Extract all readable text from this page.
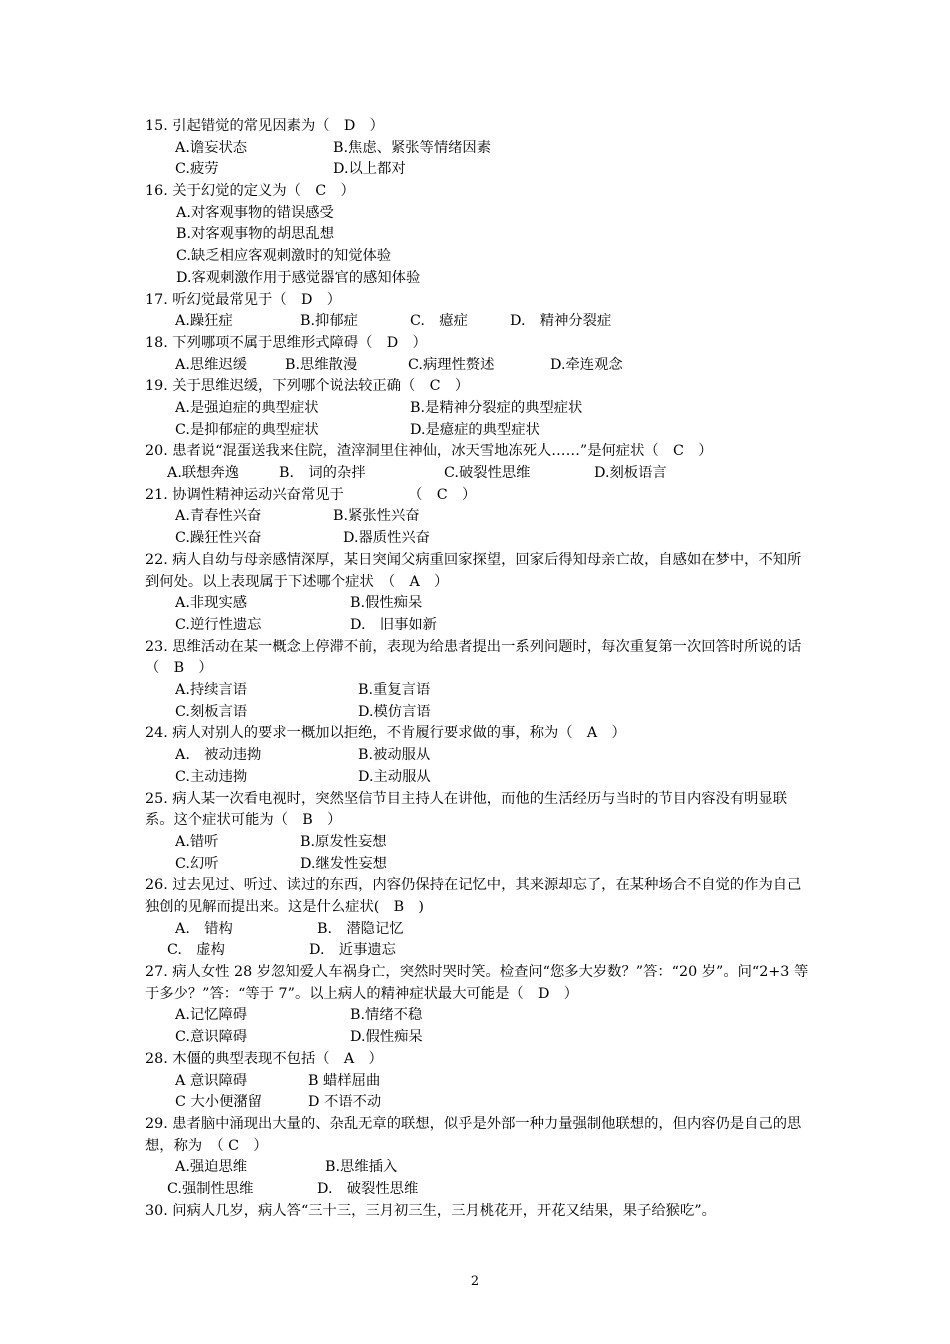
15. 引起错觉的常见因素为（　D　）
A.谵妄状态	B.焦虑、紧张等情绪因素
C.疲劳	D.以上都对
16. 关于幻觉的定义为（　C　）
A.对客观事物的错误感受
B.对客观事物的胡思乱想
C.缺乏相应客观刺激时的知觉体验
D.客观刺激作用于感觉器官的感知体验
17. 听幻觉最常见于（　D　）
A.躁狂症	B.抑郁症	C.　癔症	D.　精神分裂症
18. 下列哪项不属于思维形式障碍（　D　）
A.思维迟缓	B.思维散漫	C.病理性赘述	D.牵连观念
19. 关于思维迟缓，下列哪个说法较正确（　C　）
A.是强迫症的典型症状	B.是精神分裂症的典型症状
C.是抑郁症的典型症状	D.是癔症的典型症状
20. 患者说“混蛋送我来住院，渣滓洞里住神仙，冰天雪地冻死人……”是何症状（　C　）
A.联想奔逸	B.　词的杂拌	C.破裂性思维	D.刻板语言
21. 协调性精神运动兴奋常见于　　　　　（　C　）
A.青春性兴奋	B.紧张性兴奋
C.躁狂性兴奋	D.器质性兴奋
22. 病人自幼与母亲感情深厚，某日突闻父病重回家探望，回家后得知母亲亡故，自感如在梦中，不知所到何处。以上表现属于下述哪个症状　（　A　）
A.非现实感	B.假性痴呆
C.逆行性遗忘	D.　旧事如新
23. 思维活动在某一概念上停滞不前，表现为给患者提出一系列问题时，每次重复第一次回答时所说的话（　B　）
A.持续言语	B.重复言语
C.刻板言语	D.模仿言语
24. 病人对别人的要求一概加以拒绝，不肯履行要求做的事，称为（　A　）
A.　被动违拗	B.被动服从
C.主动违拗	D.主动服从
25. 病人某一次看电视时，突然坚信节目主持人在讲他，而他的生活经历与当时的节目内容没有明显联系。这个症状可能为（　B　）
A.错听	B.原发性妄想
C.幻听	D.继发性妄想
26. 过去见过、听过、读过的东西，内容仍保持在记忆中，其来源却忘了，在某种场合不自觉的作为自己独创的见解而提出来。这是什么症状(　B　)
A.　错构	B.　潜隐记忆
C.　虚构	D.　近事遗忘
27. 病人女性 28 岁忽知爱人车祸身亡，突然时哭时笑。检查问“您多大岁数？”答：“20 岁”。问“2+3 等于多少？”答：“等于 7”。以上病人的精神症状最大可能是（　D　）
A.记忆障碍	B.情绪不稳
C.意识障碍	D.假性痴呆
28. 木僵的典型表现不包括（　A　）
A 意识障碍	B 蜡样屈曲
C 大小便潴留	D 不语不动
29. 患者脑中涌现出大量的、杂乱无章的联想，似乎是外部一种力量强制他联想的，但内容仍是自己的思想，称为　（ C　）
A.强迫思维	B.思维插入
C.强制性思维	D.　破裂性思维
30. 问病人几岁，病人答“三十三，三月初三生，三月桃花开，开花又结果，果子给猴吃”。
2
